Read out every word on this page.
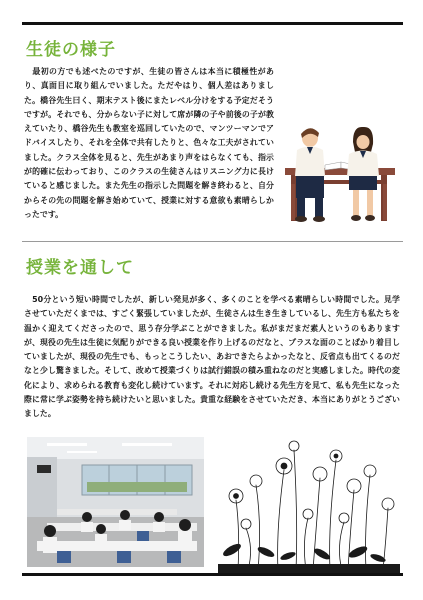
生徒の様子

　最初の方でも述べたのですが、生徒の皆さんは本当に積極性があり、真面目に取り組んでいました。ただやはり、個人差はありました。橋谷先生曰く、期末テスト後にまたレベル分けをする予定だそうですが。それでも、分からない子に対して席が隣の子や前後の子が教えていたり、橋谷先生も教室を巡回していたので、マンツーマンでアドバイスしたり、それを全体で共有したりと、色々な工夫がされていました。クラス全体を見ると、先生があまり声をはらなくても、指示が的確に伝わっており、このクラスの生徒さんはリスニング力に長けていると感じました。また先生の指示した問題を解き終わると、自分からその先の問題を解き始めていて、授業に対する意欲も素晴らしかったです。

授業を通して

　50分という短い時間でしたが、新しい発見が多く、多くのことを学べる素晴らしい時間でした。見学させていただくまでは、すごく緊張していましたが、生徒さんは生き生きしているし、先生方も私たちを温かく迎えてくださったので、思う存分学ぶことができました。私がまだまだ素人というのもありますが、現役の先生は生徒に気配りができる良い授業を作り上げるのだなと、プラスな面のことばかり着目していましたが、現役の先生でも、もっとこうしたい、あおできたらよかったなと、反省点も出てくるのだなと少し驚きました。そして、改めて授業づくりは試行錯誤の積み重ねなのだと実感しました。時代の変化により、求められる教育も変化し続けています。それに対応し続ける先生方を見て、私も先生になった際に常に学ぶ姿勢を持ち続けたいと思いました。貴重な経験をさせていただき、本当にありがとうございました。
